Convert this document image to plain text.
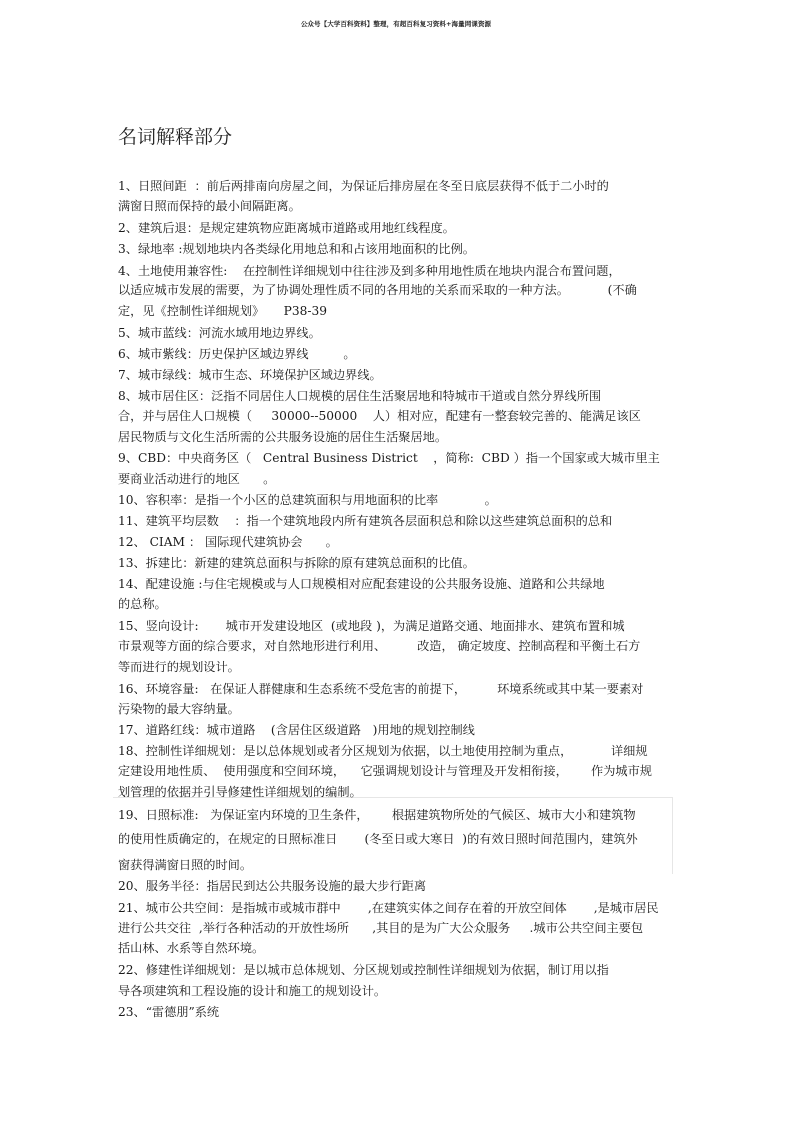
公众号【大学百科资料】整理，有超百科复习资料+海量网课资源
名词解释部分
1、日照间距  ：前后两排南向房屋之间，为保证后排房屋在冬至日底层获得不低于二小时的
满窗日照而保持的最小间隔距离。
2、建筑后退：是规定建筑物应距离城市道路或用地红线程度。
3、绿地率 :规划地块内各类绿化用地总和和占该用地面积的比例。
4、土地使用兼容性:    在控制性详细规划中往往涉及到多种用地性质在地块内混合布置问题，
以适应城市发展的需要，为了协调处理性质不同的各用地的关系而采取的一种方法。          (不确
定，见《控制性详细规划》     P38-39
5、城市蓝线：河流水域用地边界线。
6、城市紫线：历史保护区域边界线         。
7、城市绿线：城市生态、环境保护区域边界线。
8、城市居住区：泛指不同居住人口规模的居住生活聚居地和特城市干道或自然分界线所围
合，并与居住人口规模（     30000--50000    人）相对应，配建有一整套较完善的、能满足该区
居民物质与文化生活所需的公共服务设施的居住生活聚居地。
9、CBD：中央商务区（   Central Business District    ，简称:  CBD ）指一个国家或大城市里主
要商业活动进行的地区      。
10、容积率：是指一个小区的总建筑面积与用地面积的比率            。
11、建筑平均层数    ：指一个建筑地段内所有建筑各层面积总和除以这些建筑总面积的总和
12、 CIAM ： 国际现代建筑协会      。
13、拆建比：新建的建筑总面积与拆除的原有建筑总面积的比值。
14、配建设施 :与住宅规模或与人口规模相对应配套建设的公共服务设施、道路和公共绿地
的总称。
15、竖向设计:       城市开发建设地区  (或地段 )，为满足道路交通、地面排水、建筑布置和城
市景观等方面的综合要求，对自然地形进行利用、        改造， 确定坡度、控制高程和平衡土石方
等而进行的规划设计。
16、环境容量:   在保证人群健康和生态系统不受危害的前提下，        环境系统或其中某一要素对
污染物的最大容纳量。
17、道路红线：城市道路    (含居住区级道路   )用地的规划控制线
18、控制性详细规划：是以总体规划或者分区规划为依据，以土地使用控制为重点，          详细规
定建设用地性质、  使用强度和空间环境，    它强调规划设计与管理及开发相衔接，      作为城市规
划管理的依据并引导修建性详细规划的编制。
19、日照标准:   为保证室内环境的卫生条件，      根据建筑物所处的气候区、城市大小和建筑物
的使用性质确定的，在规定的日照标准日       (冬至日或大寒日  )的有效日照时间范围内，建筑外
窗获得满窗日照的时间。
20、服务半径：指居民到达公共服务设施的最大步行距离
21、城市公共空间：是指城市或城市群中       ,在建筑实体之间存在着的开放空间体       ,是城市居民
进行公共交往  ,举行各种活动的开放性场所      ,其目的是为广大公众服务     .城市公共空间主要包
括山林、水系等自然环境。
22、修建性详细规划：是以城市总体规划、分区规划或控制性详细规划为依据，制订用以指
导各项建筑和工程设施的设计和施工的规划设计。
23、“雷德朋”系统
